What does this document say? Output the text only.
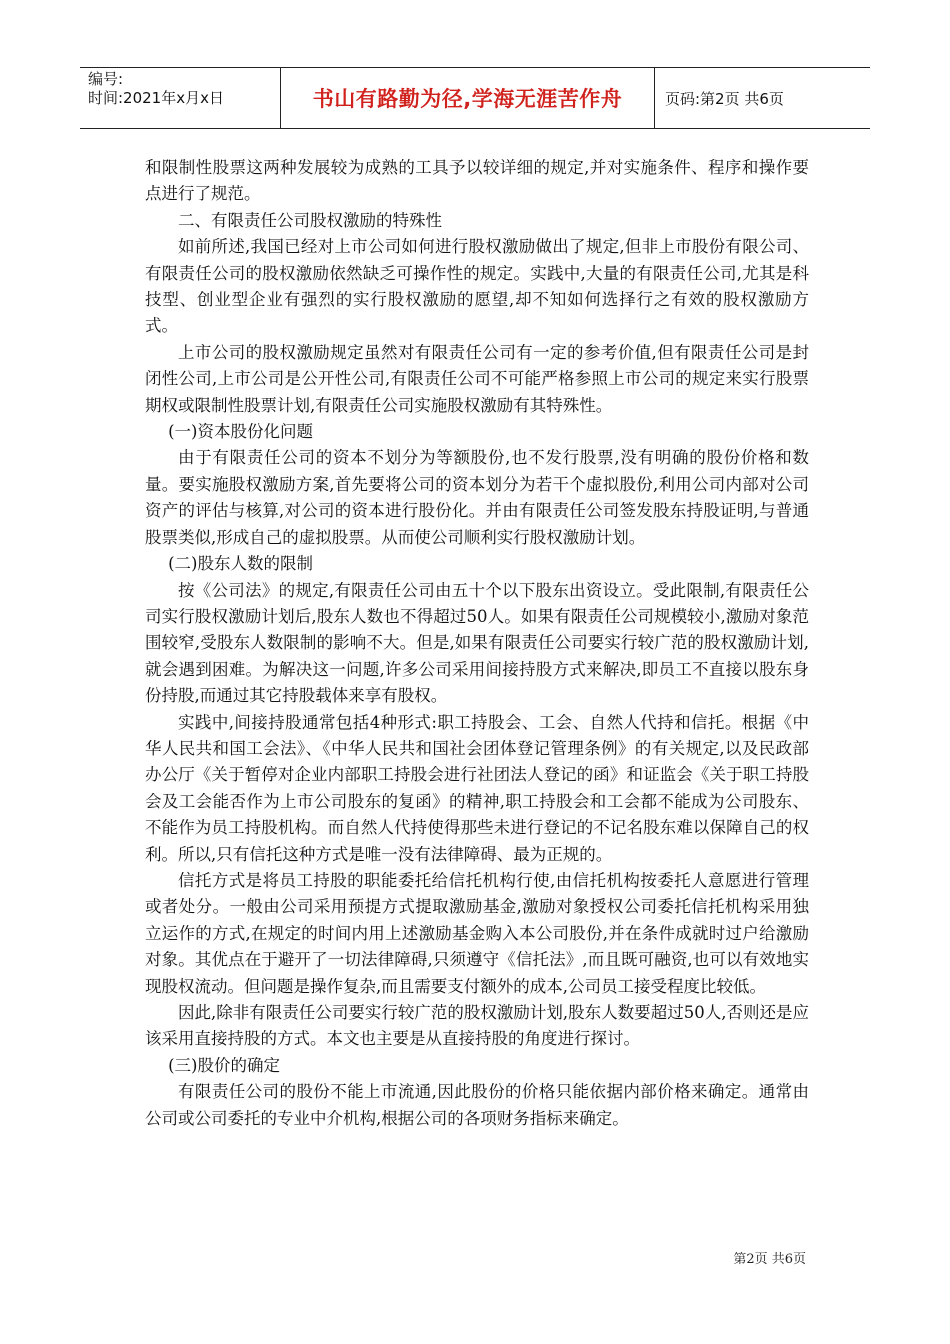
编号:
时间:2021年x月x日	书山有路勤为径,学海无涯苦作舟	页码:第2页 共6页

和限制性股票这两种发展较为成熟的工具予以较详细的规定,并对实施条件、程序和操作要点进行了规范。

二、有限责任公司股权激励的特殊性

如前所述,我国已经对上市公司如何进行股权激励做出了规定,但非上市股份有限公司、有限责任公司的股权激励依然缺乏可操作性的规定。实践中,大量的有限责任公司,尤其是科技型、创业型企业有强烈的实行股权激励的愿望,却不知如何选择行之有效的股权激励方式。

上市公司的股权激励规定虽然对有限责任公司有一定的参考价值,但有限责任公司是封闭性公司,上市公司是公开性公司,有限责任公司不可能严格参照上市公司的规定来实行股票期权或限制性股票计划,有限责任公司实施股权激励有其特殊性。

(一)资本股份化问题

由于有限责任公司的资本不划分为等额股份,也不发行股票,没有明确的股份价格和数量。要实施股权激励方案,首先要将公司的资本划分为若干个虚拟股份,利用公司内部对公司资产的评估与核算,对公司的资本进行股份化。并由有限责任公司签发股东持股证明,与普通股票类似,形成自己的虚拟股票。从而使公司顺利实行股权激励计划。

(二)股东人数的限制

按《公司法》的规定,有限责任公司由五十个以下股东出资设立。受此限制,有限责任公司实行股权激励计划后,股东人数也不得超过50人。如果有限责任公司规模较小,激励对象范围较窄,受股东人数限制的影响不大。但是,如果有限责任公司要实行较广范的股权激励计划,就会遇到困难。为解决这一问题,许多公司采用间接持股方式来解决,即员工不直接以股东身份持股,而通过其它持股载体来享有股权。

实践中,间接持股通常包括4种形式:职工持股会、工会、自然人代持和信托。根据《中华人民共和国工会法》、《中华人民共和国社会团体登记管理条例》的有关规定,以及民政部办公厅《关于暂停对企业内部职工持股会进行社团法人登记的函》和证监会《关于职工持股会及工会能否作为上市公司股东的复函》的精神,职工持股会和工会都不能成为公司股东、不能作为员工持股机构。而自然人代持使得那些未进行登记的不记名股东难以保障自己的权利。所以,只有信托这种方式是唯一没有法律障碍、最为正规的。

信托方式是将员工持股的职能委托给信托机构行使,由信托机构按委托人意愿进行管理或者处分。一般由公司采用预提方式提取激励基金,激励对象授权公司委托信托机构采用独立运作的方式,在规定的时间内用上述激励基金购入本公司股份,并在条件成就时过户给激励对象。其优点在于避开了一切法律障碍,只须遵守《信托法》,而且既可融资,也可以有效地实现股权流动。但问题是操作复杂,而且需要支付额外的成本,公司员工接受程度比较低。

因此,除非有限责任公司要实行较广范的股权激励计划,股东人数要超过50人,否则还是应该采用直接持股的方式。本文也主要是从直接持股的角度进行探讨。

(三)股价的确定

有限责任公司的股份不能上市流通,因此股份的价格只能依据内部价格来确定。通常由公司或公司委托的专业中介机构,根据公司的各项财务指标来确定。

第2页 共6页
